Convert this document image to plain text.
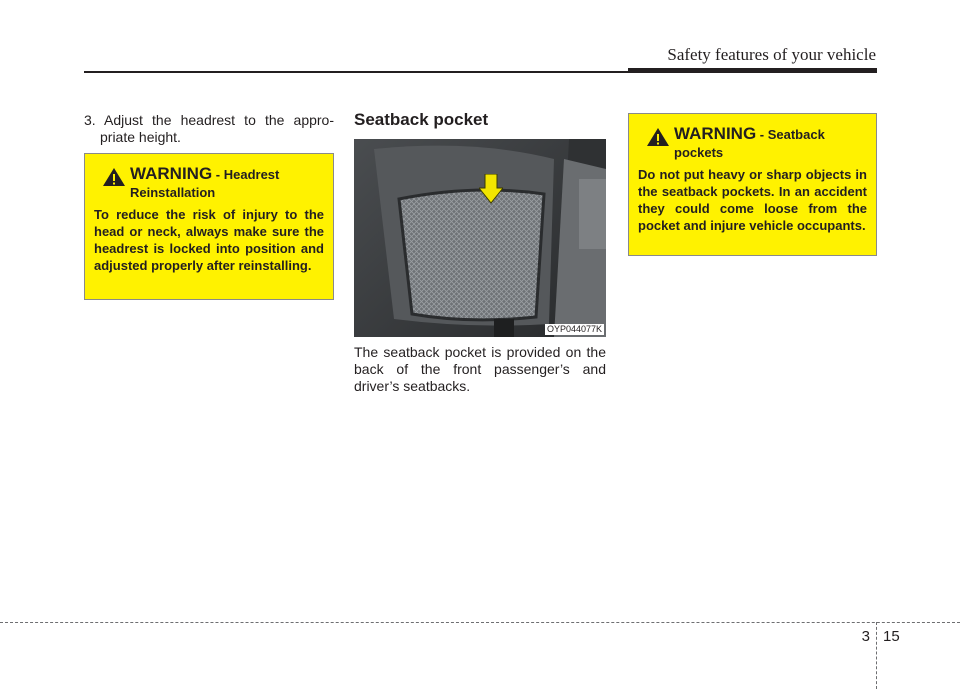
Safety features of your vehicle
3. Adjust the headrest to the appro-priate height.
WARNING - Headrest Reinstallation
To reduce the risk of injury to the head or neck, always make sure the headrest is locked into position and adjusted properly after reinstalling.
Seatback pocket
OYP044077K
The seatback pocket is provided on the back of the front passenger’s and driver’s seatbacks.
WARNING - Seatback pockets
Do not put heavy or sharp objects in the seatback pockets. In an accident they could come loose from the pocket and injure vehicle occupants.
3 15
